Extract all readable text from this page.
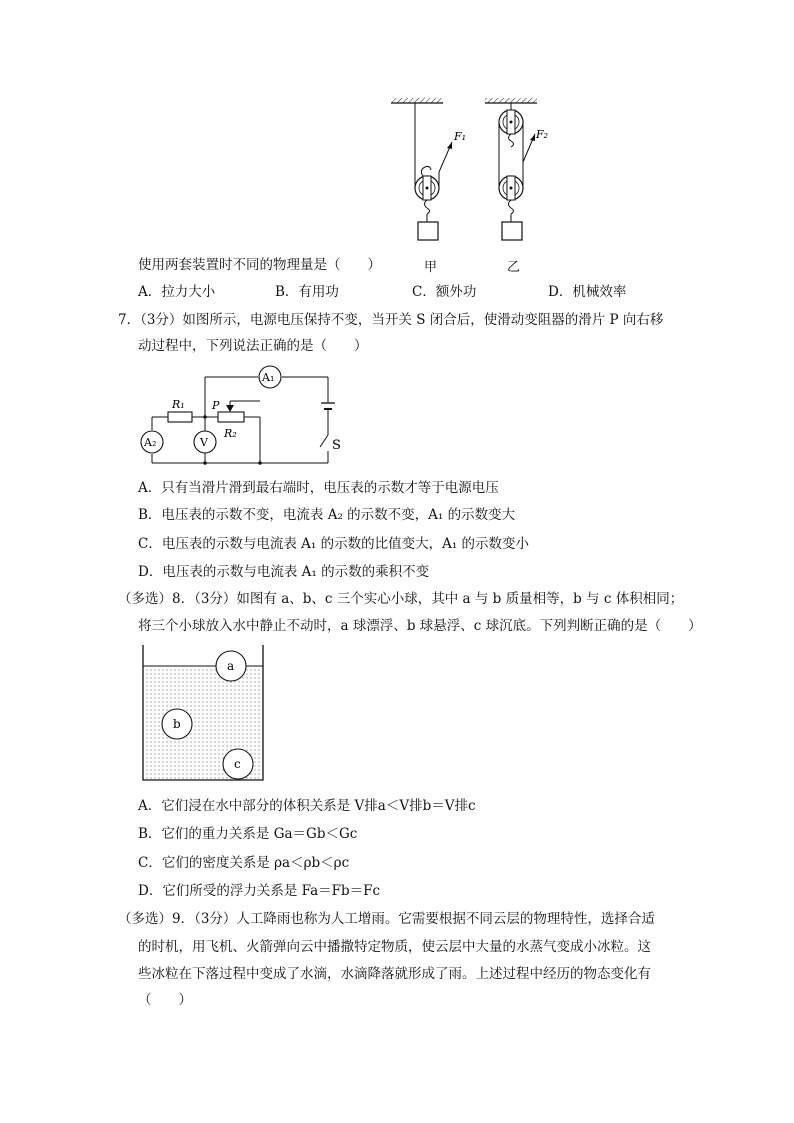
F₁	F₂
使用两套装置时不同的物理量是（　　）	甲	乙
A．拉力大小	B．有用功	C．额外功	D．机械效率
7．（3分）如图所示，电源电压保持不变，当开关 S 闭合后，使滑动变阻器的滑片 P 向右移
动过程中，下列说法正确的是（　　）
A₁
A₂	V
R₁ P
R₂
S
A．只有当滑片滑到最右端时，电压表的示数才等于电源电压
B．电压表的示数不变，电流表 A₂ 的示数不变，A₁ 的示数变大
C．电压表的示数与电流表 A₁ 的示数的比值变大，A₁ 的示数变小
D．电压表的示数与电流表 A₁ 的示数的乘积不变
（多选）8．（3分）如图有 a、b、c 三个实心小球，其中 a 与 b 质量相等，b 与 c 体积相同；
将三个小球放入水中静止不动时，a 球漂浮、b 球悬浮、c 球沉底。下列判断正确的是（　　）
a
b
c
A．它们浸在水中部分的体积关系是 V排a＜V排b＝V排c
B．它们的重力关系是 Ga＝Gb＜Gc
C．它们的密度关系是 ρa＜ρb＜ρc
D．它们所受的浮力关系是 Fa＝Fb＝Fc
（多选）9．（3分）人工降雨也称为人工增雨。它需要根据不同云层的物理特性，选择合适
的时机，用飞机、火箭弹向云中播撒特定物质，使云层中大量的水蒸气变成小冰粒。这
些冰粒在下落过程中变成了水滴，水滴降落就形成了雨。上述过程中经历的物态变化有
（　　）
